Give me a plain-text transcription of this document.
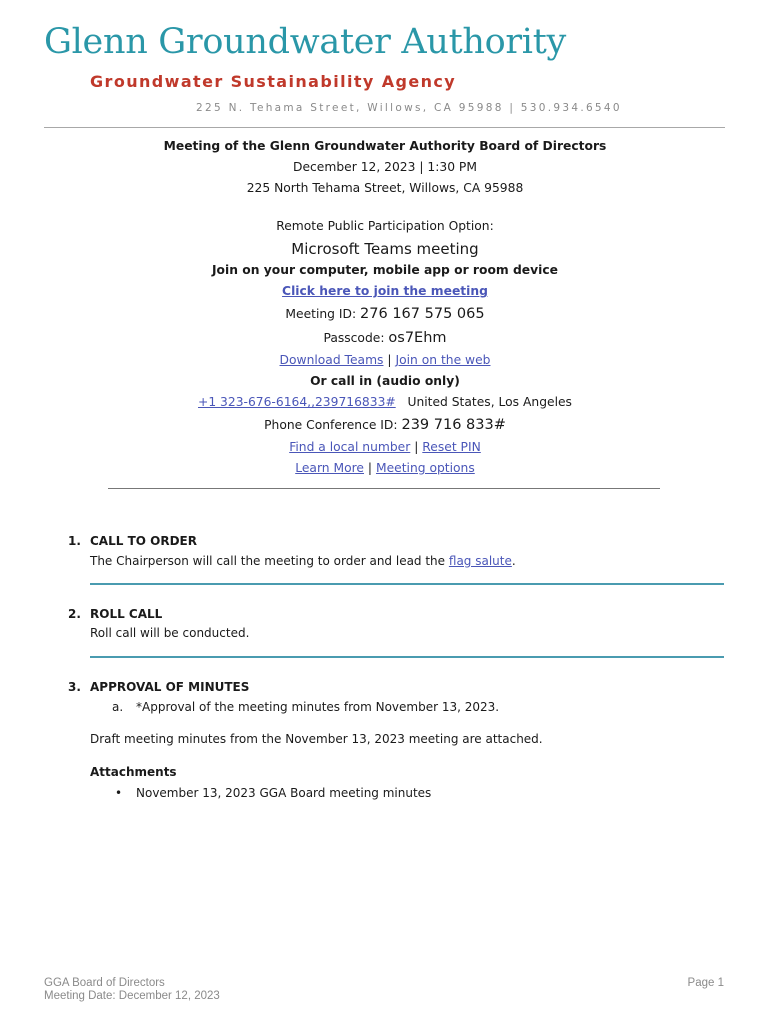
Glenn Groundwater Authority
Groundwater Sustainability Agency
225 N. Tehama Street, Willows, CA 95988 | 530.934.6540
Meeting of the Glenn Groundwater Authority Board of Directors
December 12, 2023 | 1:30 PM
225 North Tehama Street, Willows, CA 95988
Remote Public Participation Option:
Microsoft Teams meeting
Join on your computer, mobile app or room device
Click here to join the meeting
Meeting ID: 276 167 575 065
Passcode: os7Ehm
Download Teams | Join on the web
Or call in (audio only)
+1 323-676-6164,,239716833# United States, Los Angeles
Phone Conference ID: 239 716 833#
Find a local number | Reset PIN
Learn More | Meeting options
1. CALL TO ORDER
The Chairperson will call the meeting to order and lead the flag salute.
2. ROLL CALL
Roll call will be conducted.
3. APPROVAL OF MINUTES
a. *Approval of the meeting minutes from November 13, 2023.
Draft meeting minutes from the November 13, 2023 meeting are attached.
Attachments
• November 13, 2023 GGA Board meeting minutes
GGA Board of Directors
Meeting Date: December 12, 2023
Page 1
